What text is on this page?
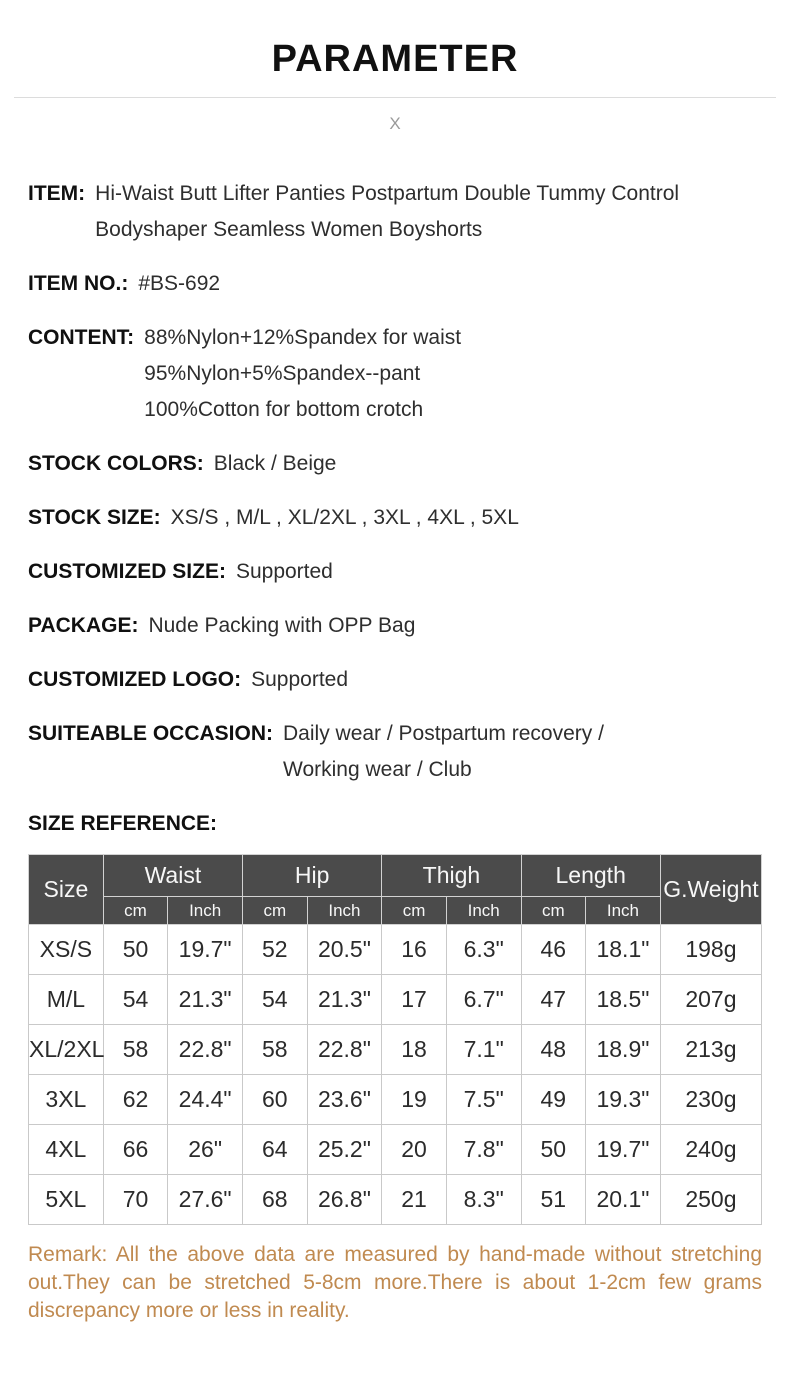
PARAMETER
X
ITEM: Hi-Waist Butt Lifter Panties Postpartum Double Tummy Control
Bodyshaper Seamless Women Boyshorts
ITEM NO.: #BS-692
CONTENT: 88%Nylon+12%Spandex for waist
95%Nylon+5%Spandex--pant
100%Cotton for bottom crotch
STOCK COLORS: Black / Beige
STOCK SIZE: XS/S , M/L , XL/2XL , 3XL , 4XL , 5XL
CUSTOMIZED SIZE: Supported
PACKAGE: Nude Packing with OPP Bag
CUSTOMIZED LOGO: Supported
SUITEABLE OCCASION: Daily wear / Postpartum recovery /
Working wear / Club
SIZE REFERENCE:
Size	Waist		Hip		Thigh		Length		G.Weight
	cm	Inch	cm	Inch	cm	Inch	cm	Inch	
XS/S	50	19.7"	52	20.5"	16	6.3"	46	18.1"	198g
M/L	54	21.3"	54	21.3"	17	6.7"	47	18.5"	207g
XL/2XL	58	22.8"	58	22.8"	18	7.1"	48	18.9"	213g
3XL	62	24.4"	60	23.6"	19	7.5"	49	19.3"	230g
4XL	66	26"	64	25.2"	20	7.8"	50	19.7"	240g
5XL	70	27.6"	68	26.8"	21	8.3"	51	20.1"	250g

Remark: All the above data are measured by hand-made without stretching out.They can be stretched 5-8cm more.There is about 1-2cm few grams discrepancy more or less in reality.
